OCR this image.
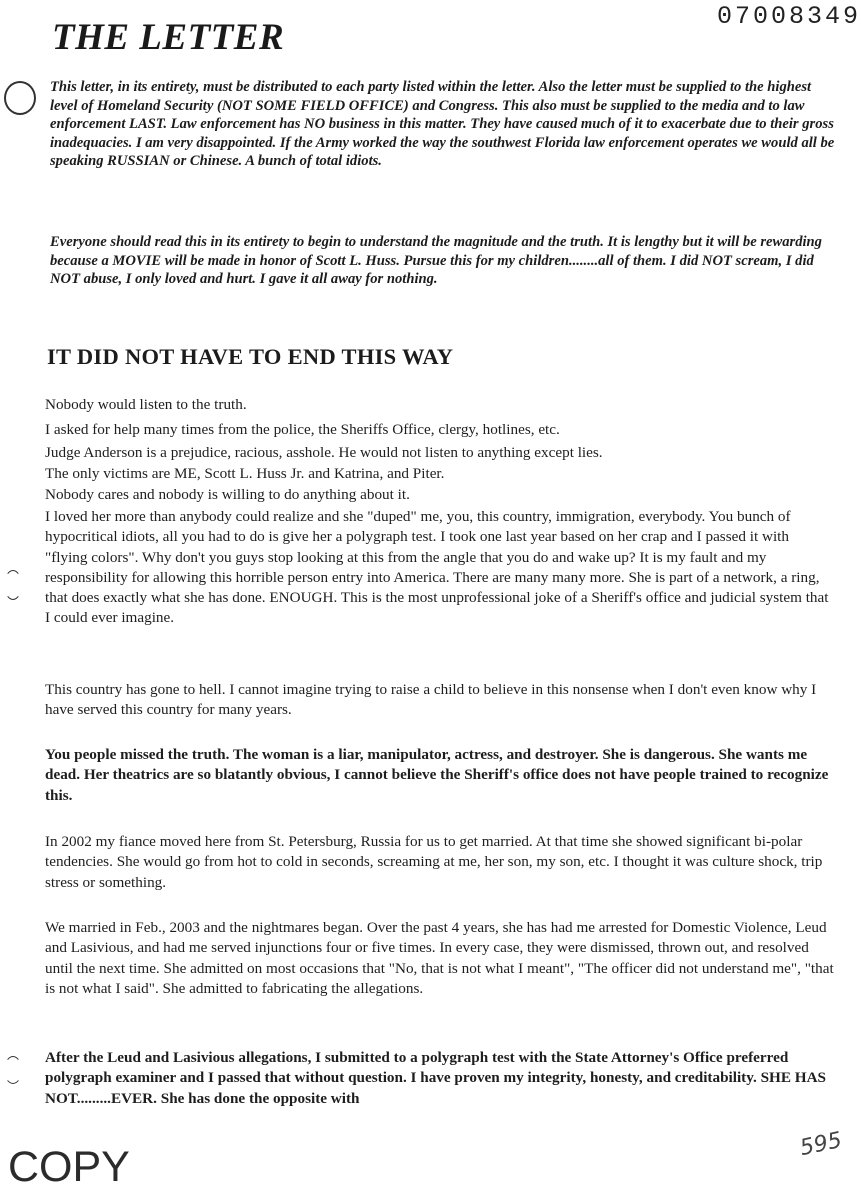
07008349
THE LETTER

This letter, in its entirety, must be distributed to each party listed within the letter. Also the letter must be supplied to the highest level of Homeland Security (NOT SOME FIELD OFFICE) and Congress. This also must be supplied to the media and to law enforcement LAST. Law enforcement has NO business in this matter. They have caused much of it to exacerbate due to their gross inadequacies. I am very disappointed. If the Army worked the way the southwest Florida law enforcement operates we would all be speaking RUSSIAN or Chinese. A bunch of total idiots.

Everyone should read this in its entirety to begin to understand the magnitude and the truth. It is lengthy but it will be rewarding because a MOVIE will be made in honor of Scott L. Huss. Pursue this for my children........all of them. I did NOT scream, I did NOT abuse, I only loved and hurt. I gave it all away for nothing.

IT DID NOT HAVE TO END THIS WAY

Nobody would listen to the truth.

I asked for help many times from the police, the Sheriffs Office, clergy, hotlines, etc.

Judge Anderson is a prejudice, racious, asshole. He would not listen to anything except lies.

The only victims are ME, Scott L. Huss Jr. and Katrina, and Piter.

Nobody cares and nobody is willing to do anything about it.

I loved her more than anybody could realize and she "duped" me, you, this country, immigration, everybody. You bunch of hypocritical idiots, all you had to do is give her a polygraph test. I took one last year based on her crap and I passed it with "flying colors". Why don't you guys stop looking at this from the angle that you do and wake up? It is my fault and my responsibility for allowing this horrible person entry into America. There are many many more. She is part of a network, a ring, that does exactly what she has done. ENOUGH. This is the most unprofessional joke of a Sheriff's office and judicial system that I could ever imagine.

This country has gone to hell. I cannot imagine trying to raise a child to believe in this nonsense when I don't even know why I have served this country for many years.

You people missed the truth. The woman is a liar, manipulator, actress, and destroyer. She is dangerous. She wants me dead. Her theatrics are so blatantly obvious, I cannot believe the Sheriff's office does not have people trained to recognize this.

In 2002 my fiance moved here from St. Petersburg, Russia for us to get married. At that time she showed significant bi-polar tendencies. She would go from hot to cold in seconds, screaming at me, her son, my son, etc. I thought it was culture shock, trip stress or something.

We married in Feb., 2003 and the nightmares began. Over the past 4 years, she has had me arrested for Domestic Violence, Leud and Lasivious, and had me served injunctions four or five times. In every case, they were dismissed, thrown out, and resolved until the next time. She admitted on most occasions that "No, that is not what I meant", "The officer did not understand me", "that is not what I said". She admitted to fabricating the allegations.

After the Leud and Lasivious allegations, I submitted to a polygraph test with the State Attorney's Office preferred polygraph examiner and I passed that without question. I have proven my integrity, honesty, and creditability. SHE HAS NOT.........EVER. She has done the opposite with

COPY	595
